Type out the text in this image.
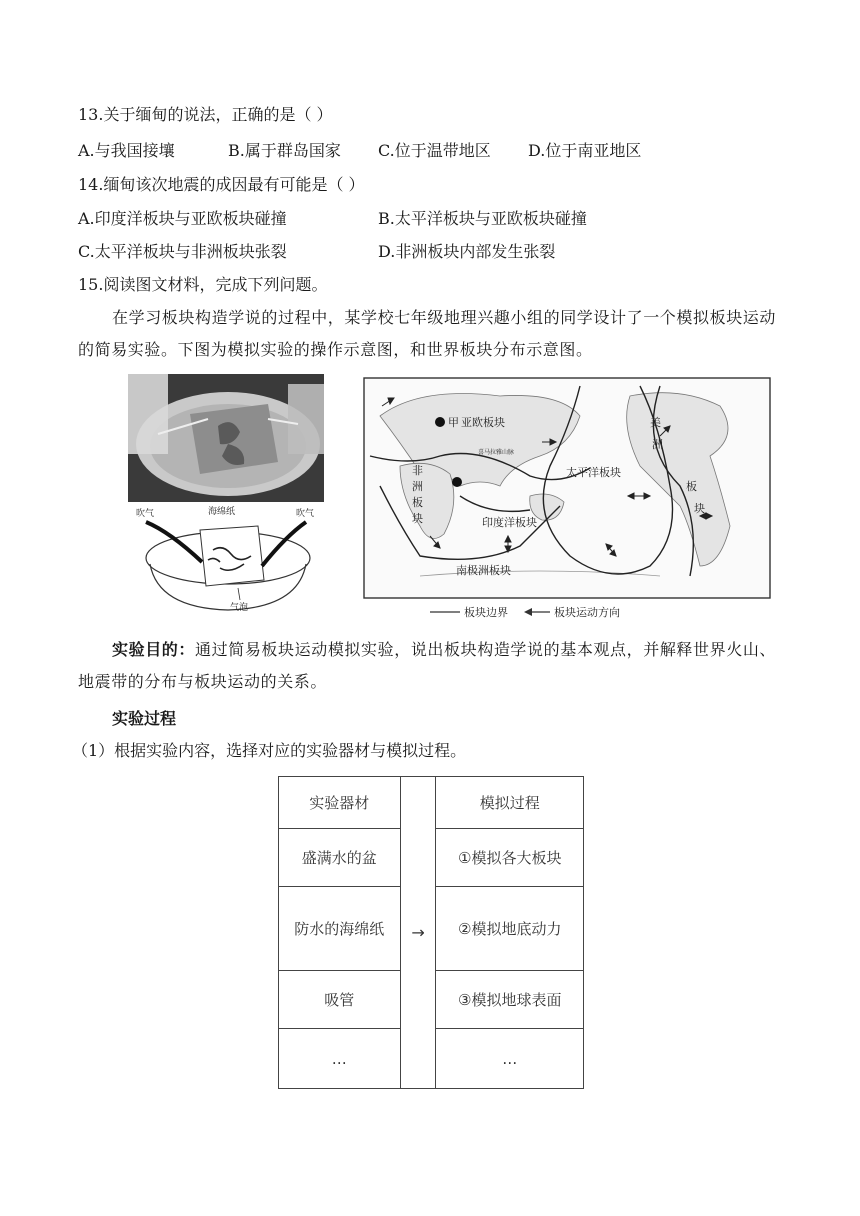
13.关于缅甸的说法，正确的是（ ）
A.与我国接壤	B.属于群岛国家 C.位于温带地区 D.位于南亚地区
14.缅甸该次地震的成因最有可能是（ ）
A.印度洋板块与亚欧板块碰撞	B.太平洋板块与亚欧板块碰撞
C.太平洋板块与非洲板块张裂	D.非洲板块内部发生张裂
15.阅读图文材料，完成下列问题。
在学习板块构造学说的过程中，某学校七年级地理兴趣小组的同学设计了一个模拟板块运动的简易实验。下图为模拟实验的操作示意图，和世界板块分布示意图。
吹气	海绵纸	吹气
气泡
甲 亚欧板块
喜马拉雅山脉
非
洲
板
块
太平洋板块
印度洋板块
南极洲板块
美
洲
板
块
板块边界	板块运动方向
实验目的：通过简易板块运动模拟实验，说出板块构造学说的基本观点，并解释世界火山、地震带的分布与板块运动的关系。
实验过程
（1）根据实验内容，选择对应的实验器材与模拟过程。
实验器材	→	模拟过程
盛满水的盆		①模拟各大板块
防水的海绵纸		②模拟地底动力
吸管		③模拟地球表面
…		…
